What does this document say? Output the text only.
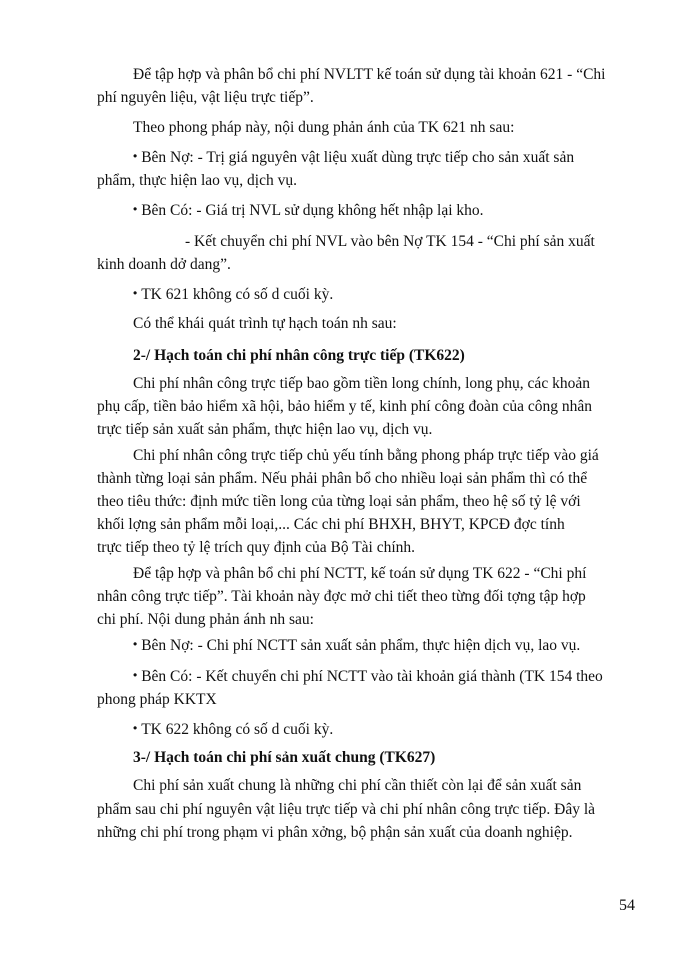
Để tập hợp và phân bổ chi phí NVLTT kế toán sử dụng tài khoản 621 - “Chi
phí nguyên liệu, vật liệu trực tiếp”.
Theo phong pháp này, nội dung phản ánh của TK 621 nh sau:
• Bên Nợ: - Trị giá nguyên vật liệu xuất dùng trực tiếp cho sản xuất sản
phẩm, thực hiện lao vụ, dịch vụ.
• Bên Có: - Giá trị NVL sử dụng không hết nhập lại kho.
- Kết chuyển chi phí NVL vào bên Nợ TK 154 - “Chi phí sản xuất
kinh doanh dở dang”.
• TK 621 không có số d cuối kỳ.
Có thể khái quát trình tự hạch toán nh sau:
2-/ Hạch toán chi phí nhân công trực tiếp (TK622)
Chi phí nhân công trực tiếp bao gồm tiền long chính, long phụ, các khoản
phụ cấp, tiền bảo hiểm xã hội, bảo hiểm y tế, kinh phí công đoàn của công nhân
trực tiếp sản xuất sản phẩm, thực hiện lao vụ, dịch vụ.
Chi phí nhân công trực tiếp chủ yếu tính bằng phong pháp trực tiếp vào giá
thành từng loại sản phẩm. Nếu phải phân bổ cho nhiều loại sản phẩm thì có thể
theo tiêu thức: định mức tiền long của từng loại sản phẩm, theo hệ số tỷ lệ với
khối lợng sản phẩm mỗi loại,... Các chi phí BHXH, BHYT, KPCĐ đợc tính
trực tiếp theo tỷ lệ trích quy định của Bộ Tài chính.
Để tập hợp và phân bổ chi phí NCTT, kế toán sử dụng TK 622 - “Chi phí
nhân công trực tiếp”. Tài khoản này đợc mở chi tiết theo từng đối tợng tập hợp
chi phí. Nội dung phản ánh nh sau:
• Bên Nợ: - Chi phí NCTT sản xuất sản phẩm, thực hiện dịch vụ, lao vụ.
• Bên Có: - Kết chuyển chi phí NCTT vào tài khoản giá thành (TK 154 theo
phong pháp KKTX
• TK 622 không có số d cuối kỳ.
3-/ Hạch toán chi phí sản xuất chung (TK627)
Chi phí sản xuất chung là những chi phí cần thiết còn lại để sản xuất sản
phẩm sau chi phí nguyên vật liệu trực tiếp và chi phí nhân công trực tiếp. Đây là
những chi phí trong phạm vi phân xởng, bộ phận sản xuất của doanh nghiệp.
54
